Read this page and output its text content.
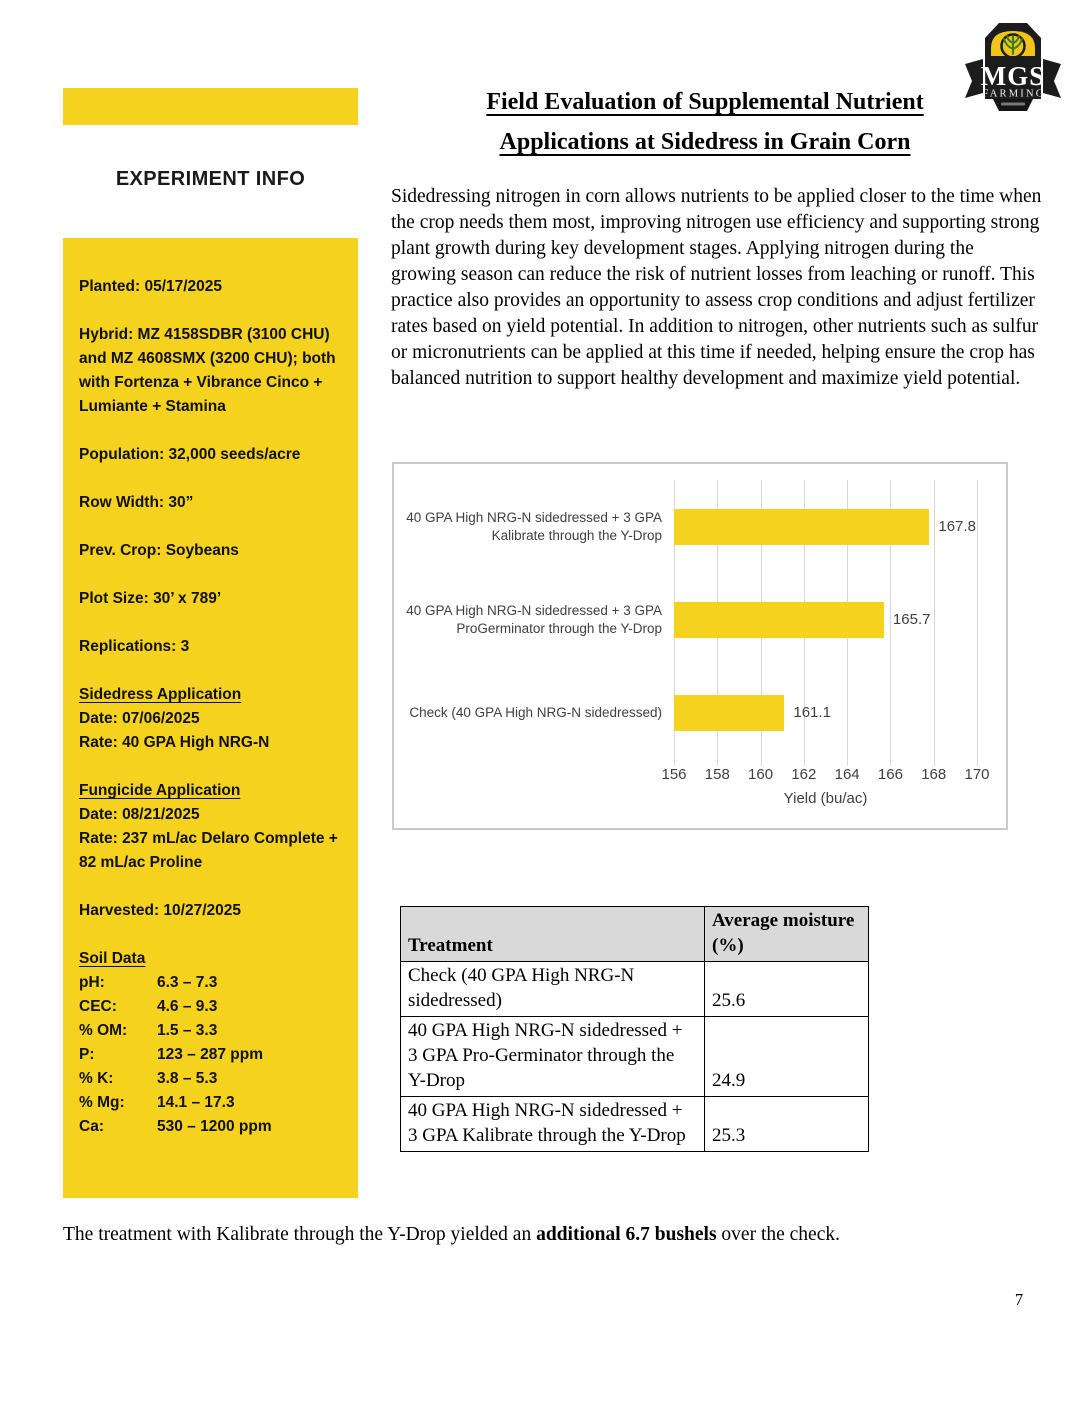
MGS
FARMING
EXPERIMENT INFO
Planted: 05/17/2025
Hybrid: MZ 4158SDBR (3100 CHU) and MZ 4608SMX (3200 CHU); both with Fortenza + Vibrance Cinco + Lumiante + Stamina
Population: 32,000 seeds/acre
Row Width: 30”
Prev. Crop: Soybeans
Plot Size: 30’ x 789’
Replications: 3
Sidedress Application
Date: 07/06/2025
Rate: 40 GPA High NRG-N
Fungicide Application
Date: 08/21/2025
Rate: 237 mL/ac Delaro Complete + 82 mL/ac Proline
Harvested: 10/27/2025
Soil Data
pH:	6.3 – 7.3
CEC:	4.6 – 9.3
% OM: 1.5 – 3.3
P:	123 – 287 ppm
% K:	3.8 – 5.3
% Mg: 14.1 – 17.3
Ca:	530 – 1200 ppm
Field Evaluation of Supplemental Nutrient
Applications at Sidedress in Grain Corn
Sidedressing nitrogen in corn allows nutrients to be applied closer to the time when the crop needs them most, improving nitrogen use efficiency and supporting strong plant growth during key development stages. Applying nitrogen during the growing season can reduce the risk of nutrient losses from leaching or runoff. This practice also provides an opportunity to assess crop conditions and adjust fertilizer rates based on yield potential. In addition to nitrogen, other nutrients such as sulfur or micronutrients can be applied at this time if needed, helping ensure the crop has balanced nutrition to support healthy development and maximize yield potential.
Yield (bu/ac)
156	158	160	162	164	166	168	170
40 GPA High NRG-N sidedressed + 3 GPA Kalibrate through the Y-Drop
167.8
40 GPA High NRG-N sidedressed + 3 GPA ProGerminator through the Y-Drop
165.7
Check (40 GPA High NRG-N sidedressed)	161.1
Treatment	Average moisture (%)
Check (40 GPA High NRG-N sidedressed)	25.6
40 GPA High NRG-N sidedressed + 3 GPA Pro-Germinator through the Y-Drop	24.9
40 GPA High NRG-N sidedressed + 3 GPA Kalibrate through the Y-Drop	25.3
The treatment with Kalibrate through the Y-Drop yielded an additional 6.7 bushels over the check.
7
